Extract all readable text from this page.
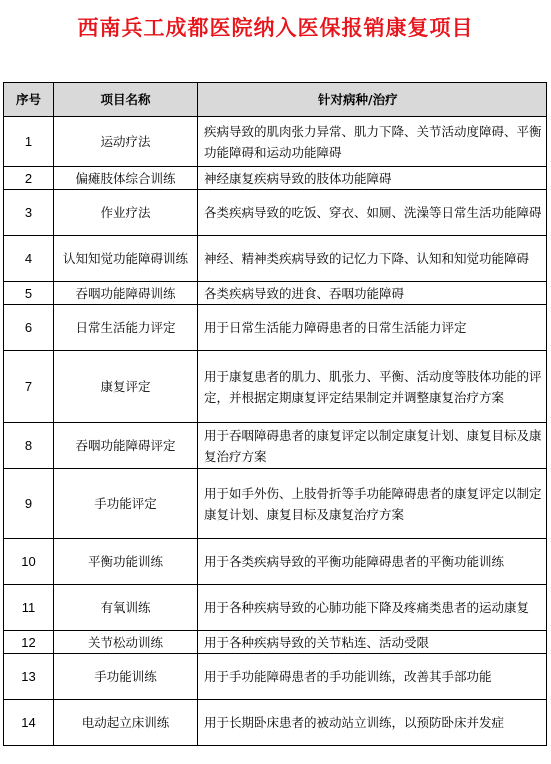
西南兵工成都医院纳入医保报销康复项目
序号	项目名称	针对病种/治疗
1	运动疗法	疾病导致的肌肉张力异常、肌力下降、关节活动度障碍、平衡功能障碍和运动功能障碍
2	偏瘫肢体综合训练	神经康复疾病导致的肢体功能障碍
3	作业疗法	各类疾病导致的吃饭、穿衣、如厕、洗澡等日常生活功能障碍
4	认知知觉功能障碍训练	神经、精神类疾病导致的记忆力下降、认知和知觉功能障碍
5	吞咽功能障碍训练	各类疾病导致的进食、吞咽功能障碍
6	日常生活能力评定	用于日常生活能力障碍患者的日常生活能力评定
7	康复评定	用于康复患者的肌力、肌张力、平衡、活动度等肢体功能的评定，并根据定期康复评定结果制定并调整康复治疗方案
8	吞咽功能障碍评定	用于吞咽障碍患者的康复评定以制定康复计划、康复目标及康复治疗方案
9	手功能评定	用于如手外伤、上肢骨折等手功能障碍患者的康复评定以制定康复计划、康复目标及康复治疗方案
10	平衡功能训练	用于各类疾病导致的平衡功能障碍患者的平衡功能训练
11	有氧训练	用于各种疾病导致的心肺功能下降及疼痛类患者的运动康复
12	关节松动训练	用于各种疾病导致的关节粘连、活动受限
13	手功能训练	用于手功能障碍患者的手功能训练，改善其手部功能
14	电动起立床训练	用于长期卧床患者的被动站立训练，以预防卧床并发症
